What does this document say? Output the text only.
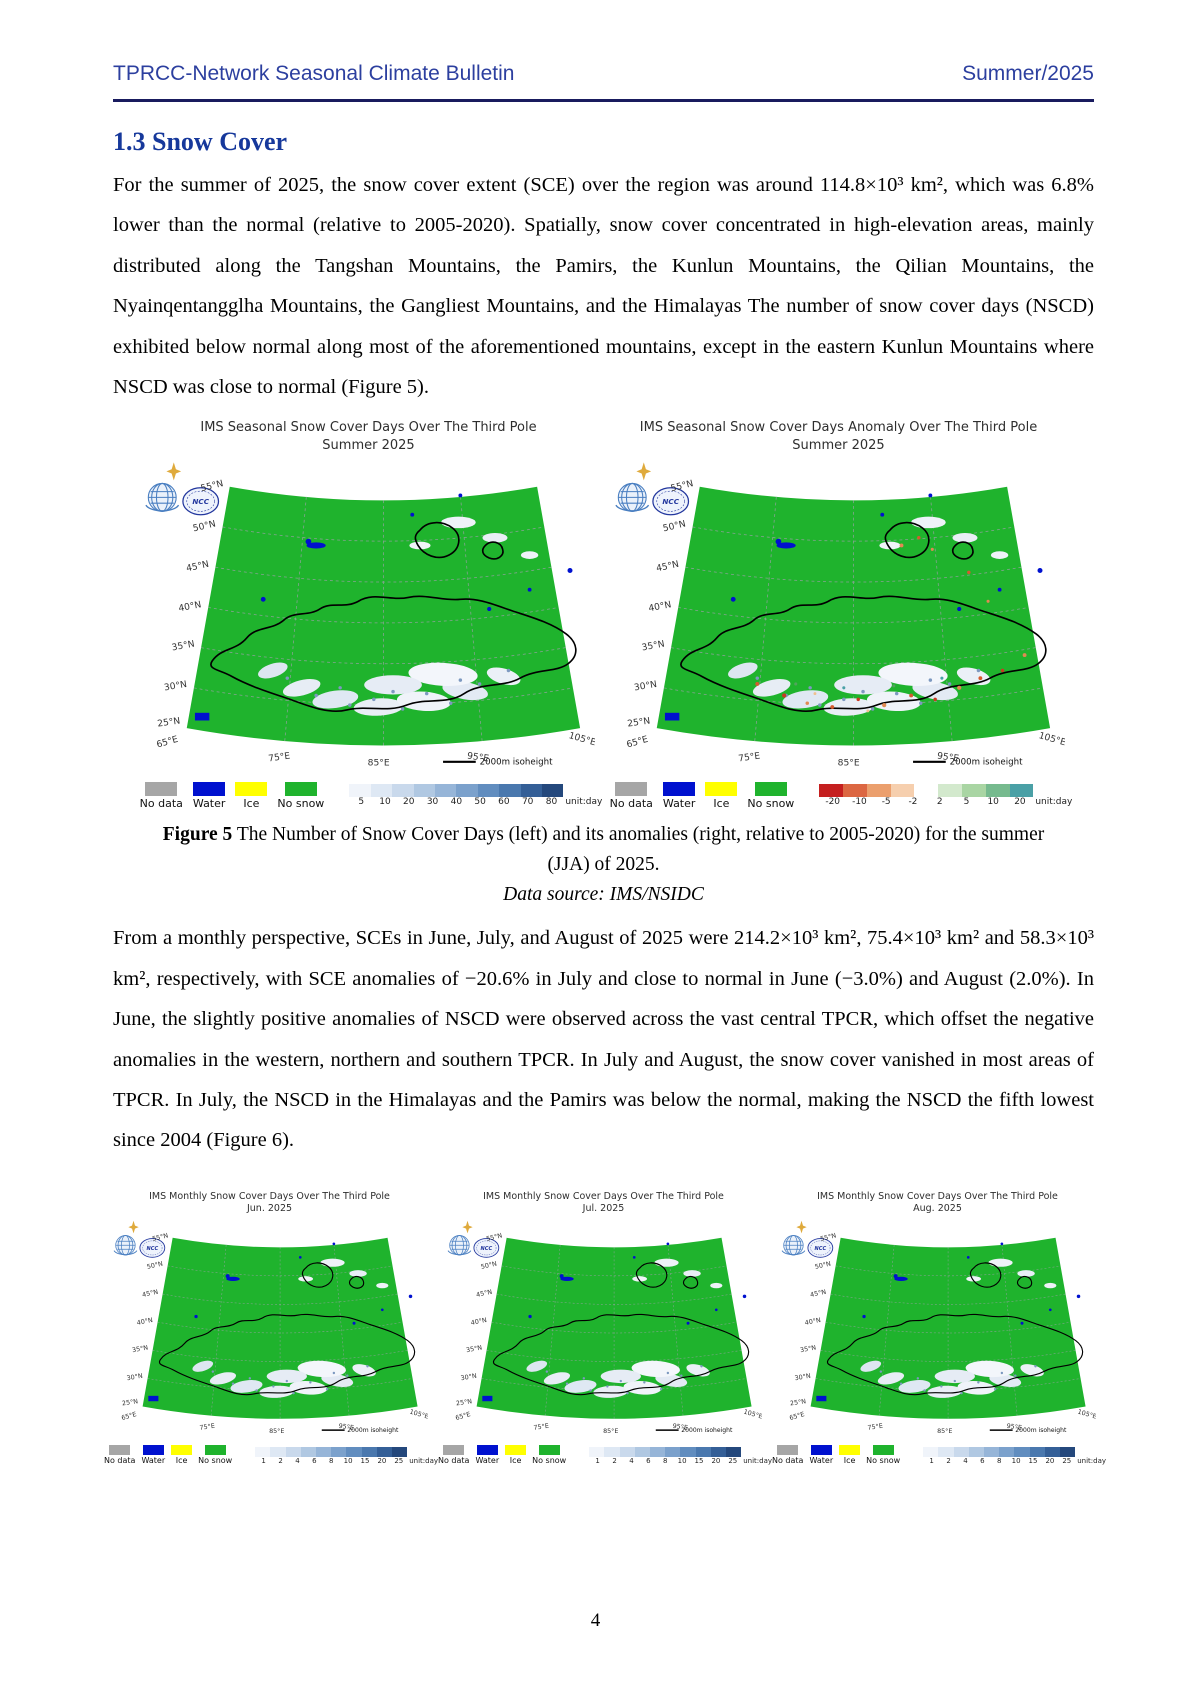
TPRCC-Network Seasonal Climate Bulletin	Summer/2025
1.3 Snow Cover

For the summer of 2025, the snow cover extent (SCE) over the region was around 114.8×10³ km², which was 6.8% lower than the normal (relative to 2005-2020). Spatially, snow cover concentrated in high-elevation areas, mainly distributed along the Tangshan Mountains, the Pamirs, the Kunlun Mountains, the Qilian Mountains, the Nyainqentangglha Mountains, the Gangliest Mountains, and the Himalayas The number of snow cover days (NSCD) exhibited below normal along most of the aforementioned mountains, except in the eastern Kunlun Mountains where NSCD was close to normal (Figure 5).

IMS Seasonal Snow Cover Days Over The Third Pole
Summer 2025
No data Water Ice No snow	5	10	20	30	40	50	60	70	80 unit:day
IMS Seasonal Snow Cover Days Anomaly Over The Third Pole
Summer 2025
No data Water Ice No snow	-20	-10	-5	-2	2	5	10	20	unit:day
Figure 5 The Number of Snow Cover Days (left) and its anomalies (right, relative to 2005-2020) for the summer (JJA) of 2025.
Data source: IMS/NSIDC

From a monthly perspective, SCEs in June, July, and August of 2025 were 214.2×10³ km², 75.4×10³ km² and 58.3×10³ km², respectively, with SCE anomalies of −20.6% in July and close to normal in June (−3.0%) and August (2.0%). In June, the slightly positive anomalies of NSCD were observed across the vast central TPCR, which offset the negative anomalies in the western, northern and southern TPCR. In July and August, the snow cover vanished in most areas of TPCR. In July, the NSCD in the Himalayas and the Pamirs was below the normal, making the NSCD the fifth lowest since 2004 (Figure 6).

IMS Monthly Snow Cover Days Over The Third Pole
Jun. 2025
No data Water Ice No snow	1	2	4	6	8	10	15	20	25 unit:day
IMS Monthly Snow Cover Days Over The Third Pole
Jul. 2025
No data Water Ice No snow	1	2	4	6	8	10	15	20	25 unit:day
IMS Monthly Snow Cover Days Over The Third Pole
Aug. 2025
No data Water Ice No snow	1	2	4	6	8	10	15	20	25 unit:day
4
